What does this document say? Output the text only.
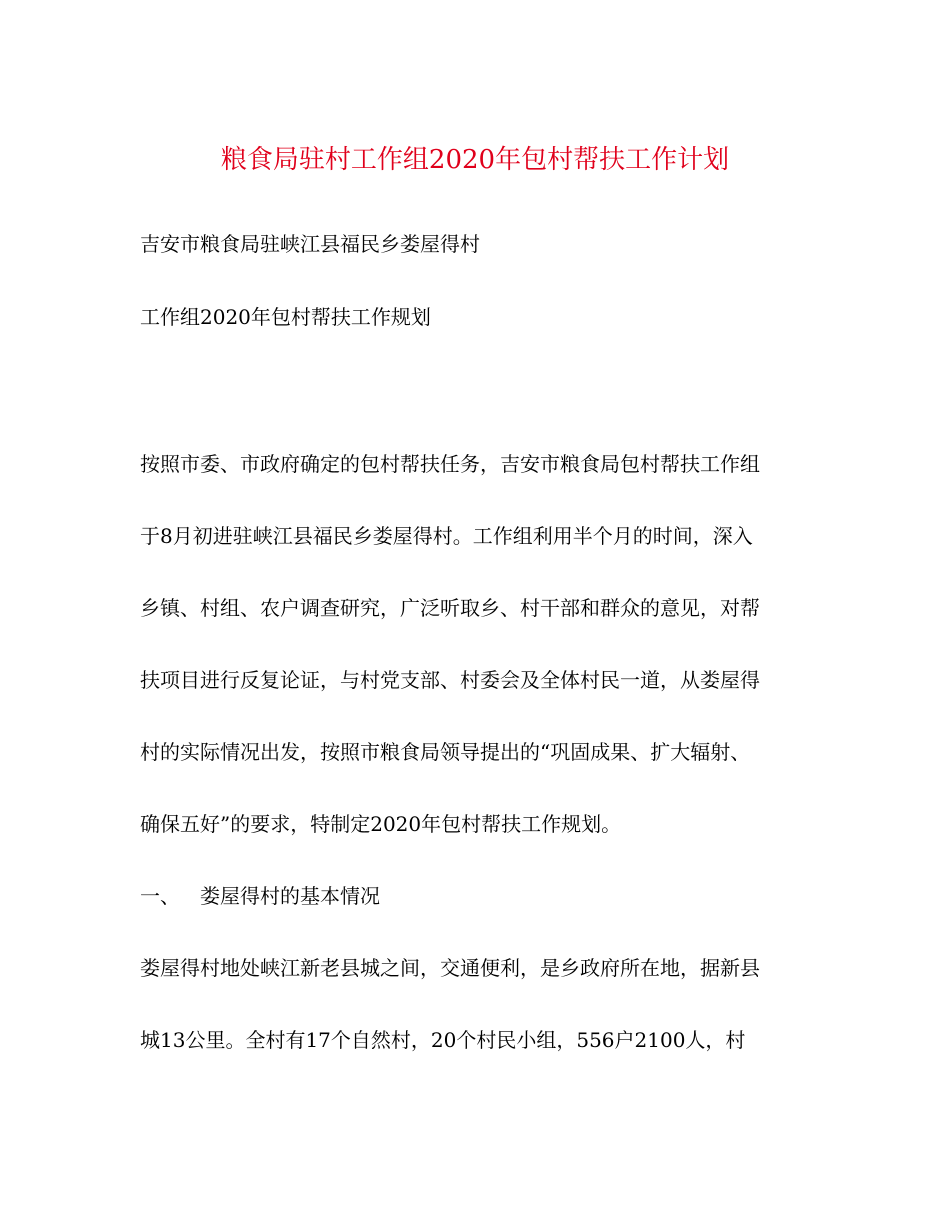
粮食局驻村工作组2020年包村帮扶工作计划
吉安市粮食局驻峡江县福民乡娄屋得村
工作组2020年包村帮扶工作规划
按照市委、市政府确定的包村帮扶任务，吉安市粮食局包村帮扶工作组
于8月初进驻峡江县福民乡娄屋得村。工作组利用半个月的时间，深入
乡镇、村组、农户调查研究，广泛听取乡、村干部和群众的意见，对帮
扶项目进行反复论证，与村党支部、村委会及全体村民一道，从娄屋得
村的实际情况出发，按照市粮食局领导提出的“巩固成果、扩大辐射、
确保五好”的要求，特制定2020年包村帮扶工作规划。
一、 娄屋得村的基本情况
娄屋得村地处峡江新老县城之间，交通便利，是乡政府所在地，据新县
城13公里。全村有17个自然村，20个村民小组，556户2100人，村
